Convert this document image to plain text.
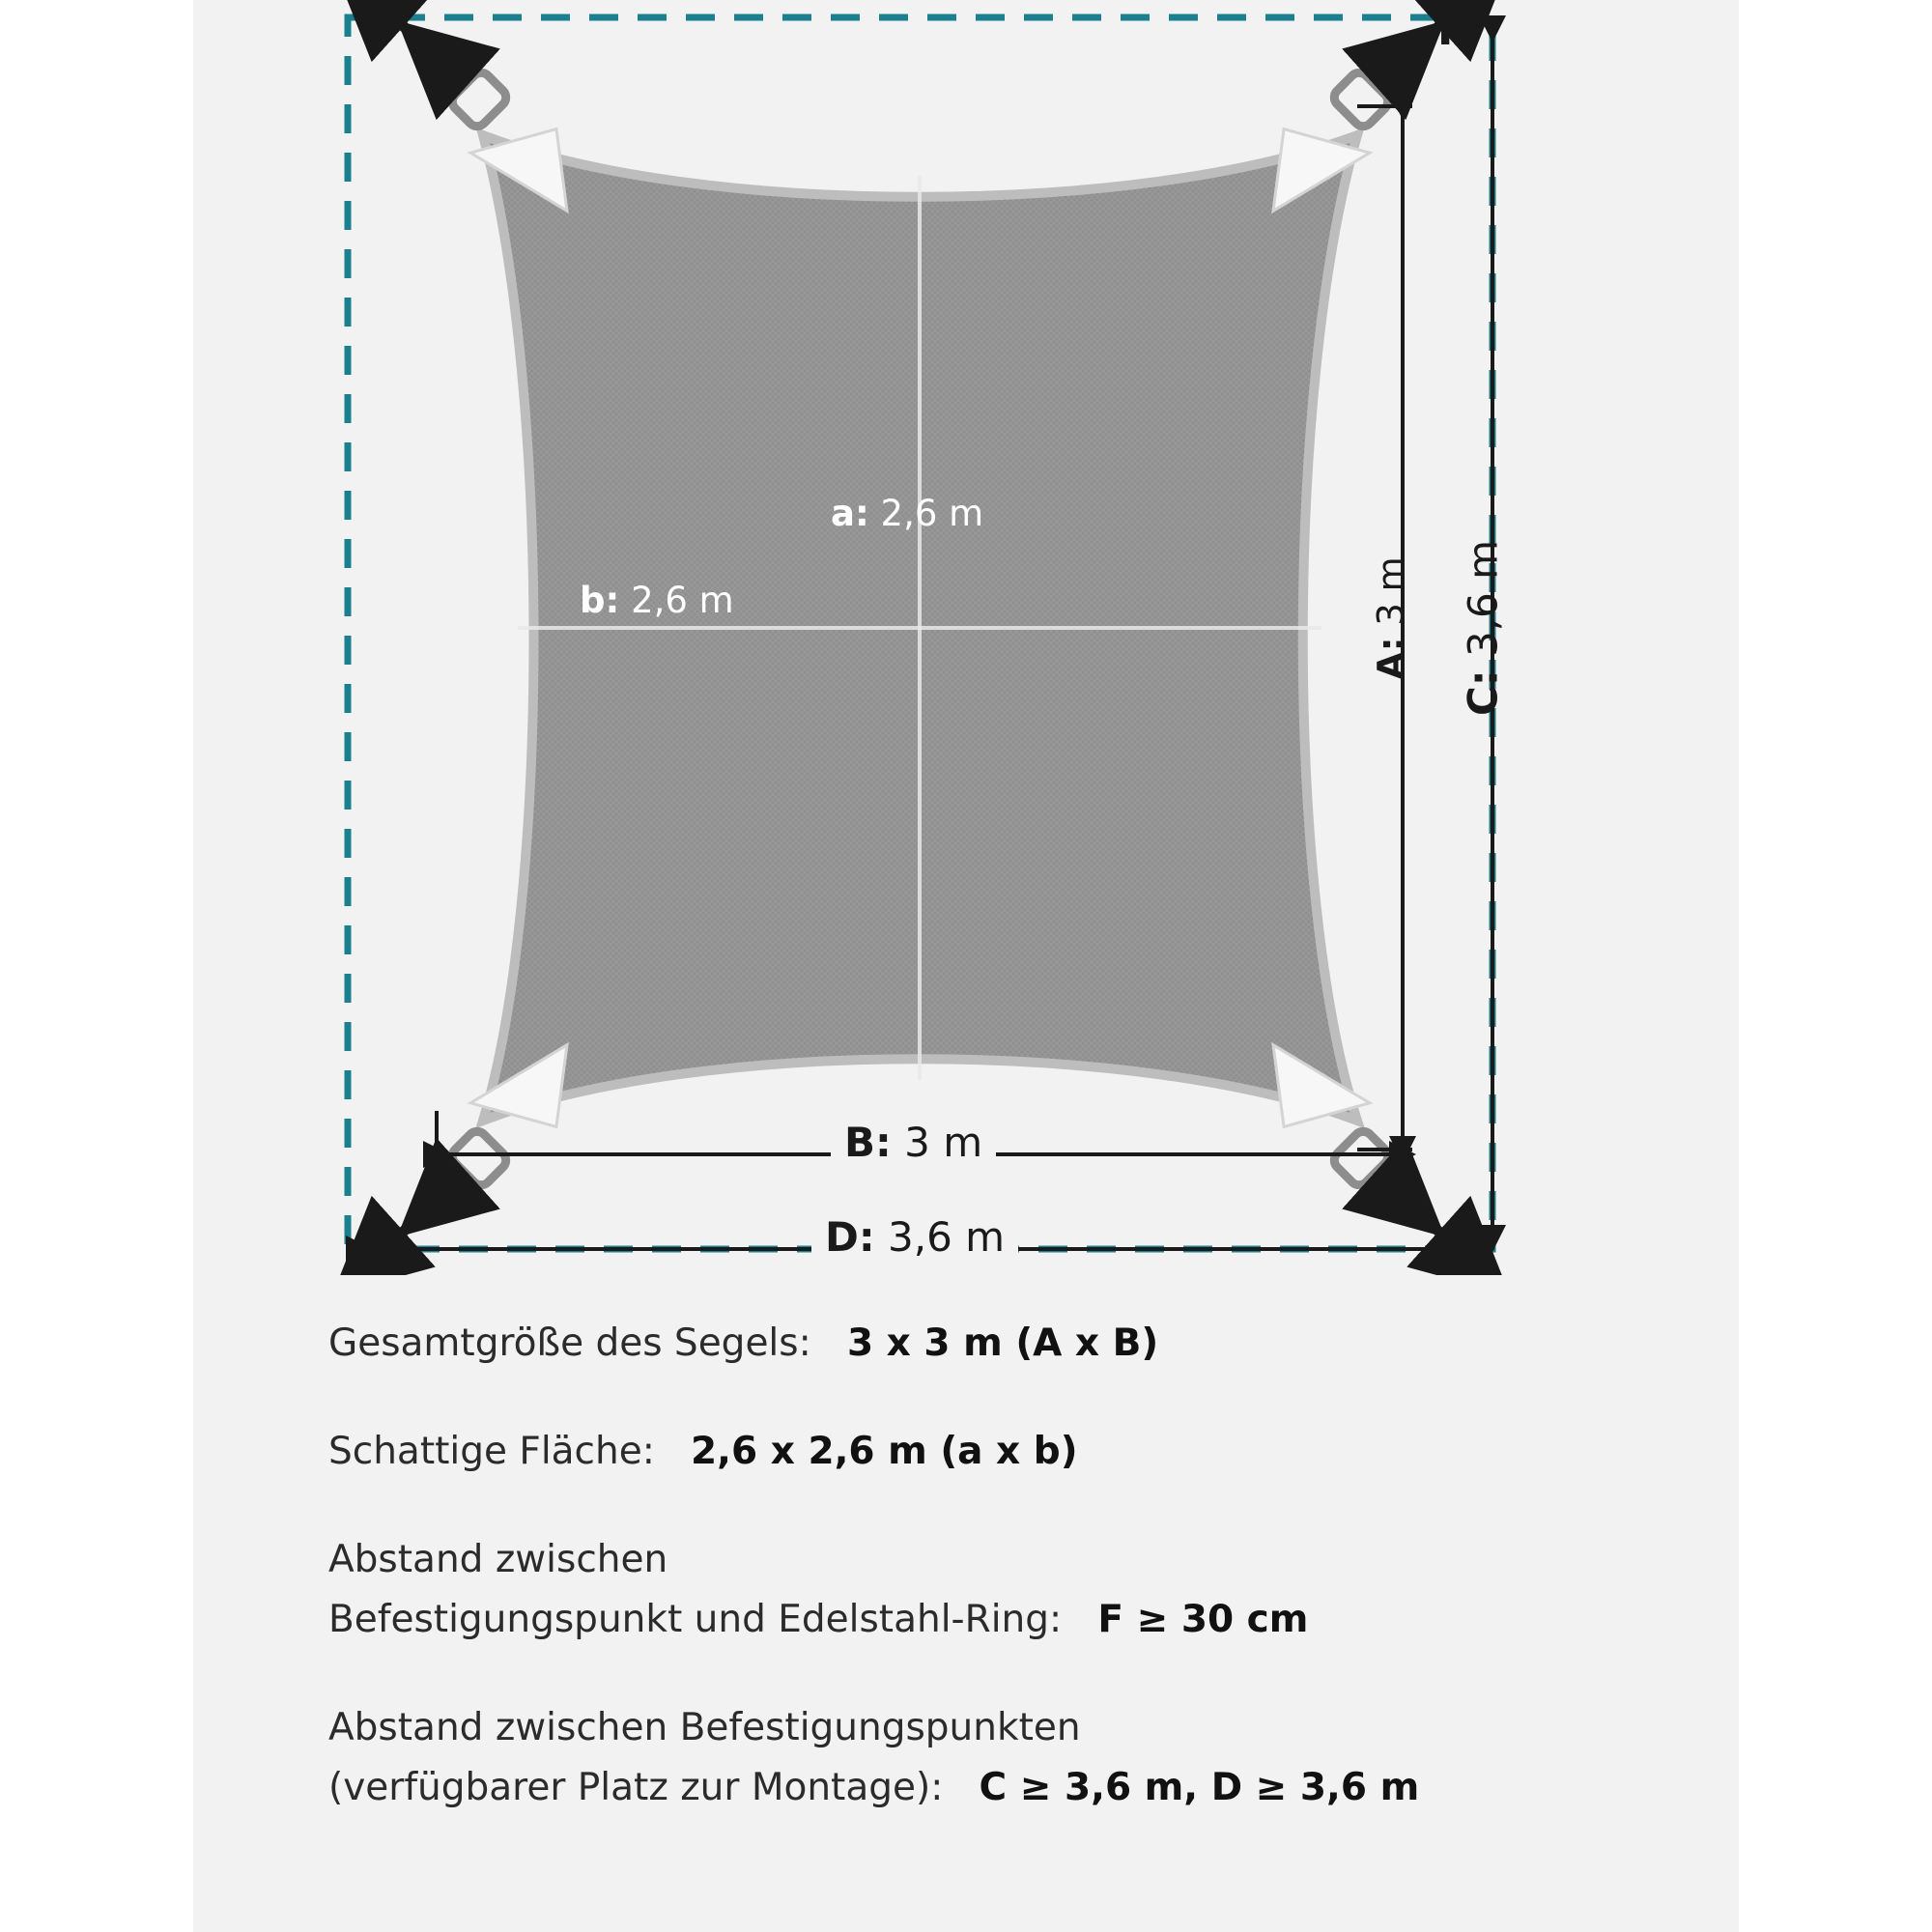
a: 2,6 m
b: 2,6 m
A: 3 m
C: 3,6 m
B: 3 m
D: 3,6 m
F
Gesamtgröße des Segels: 3 x 3 m (A x B)
Schattige Fläche: 2,6 x 2,6 m (a x b)
Abstand zwischen
Befestigungspunkt und Edelstahl-Ring: F ≥ 30 cm
Abstand zwischen Befestigungspunkten
(verfügbarer Platz zur Montage): C ≥ 3,6 m, D ≥ 3,6 m
